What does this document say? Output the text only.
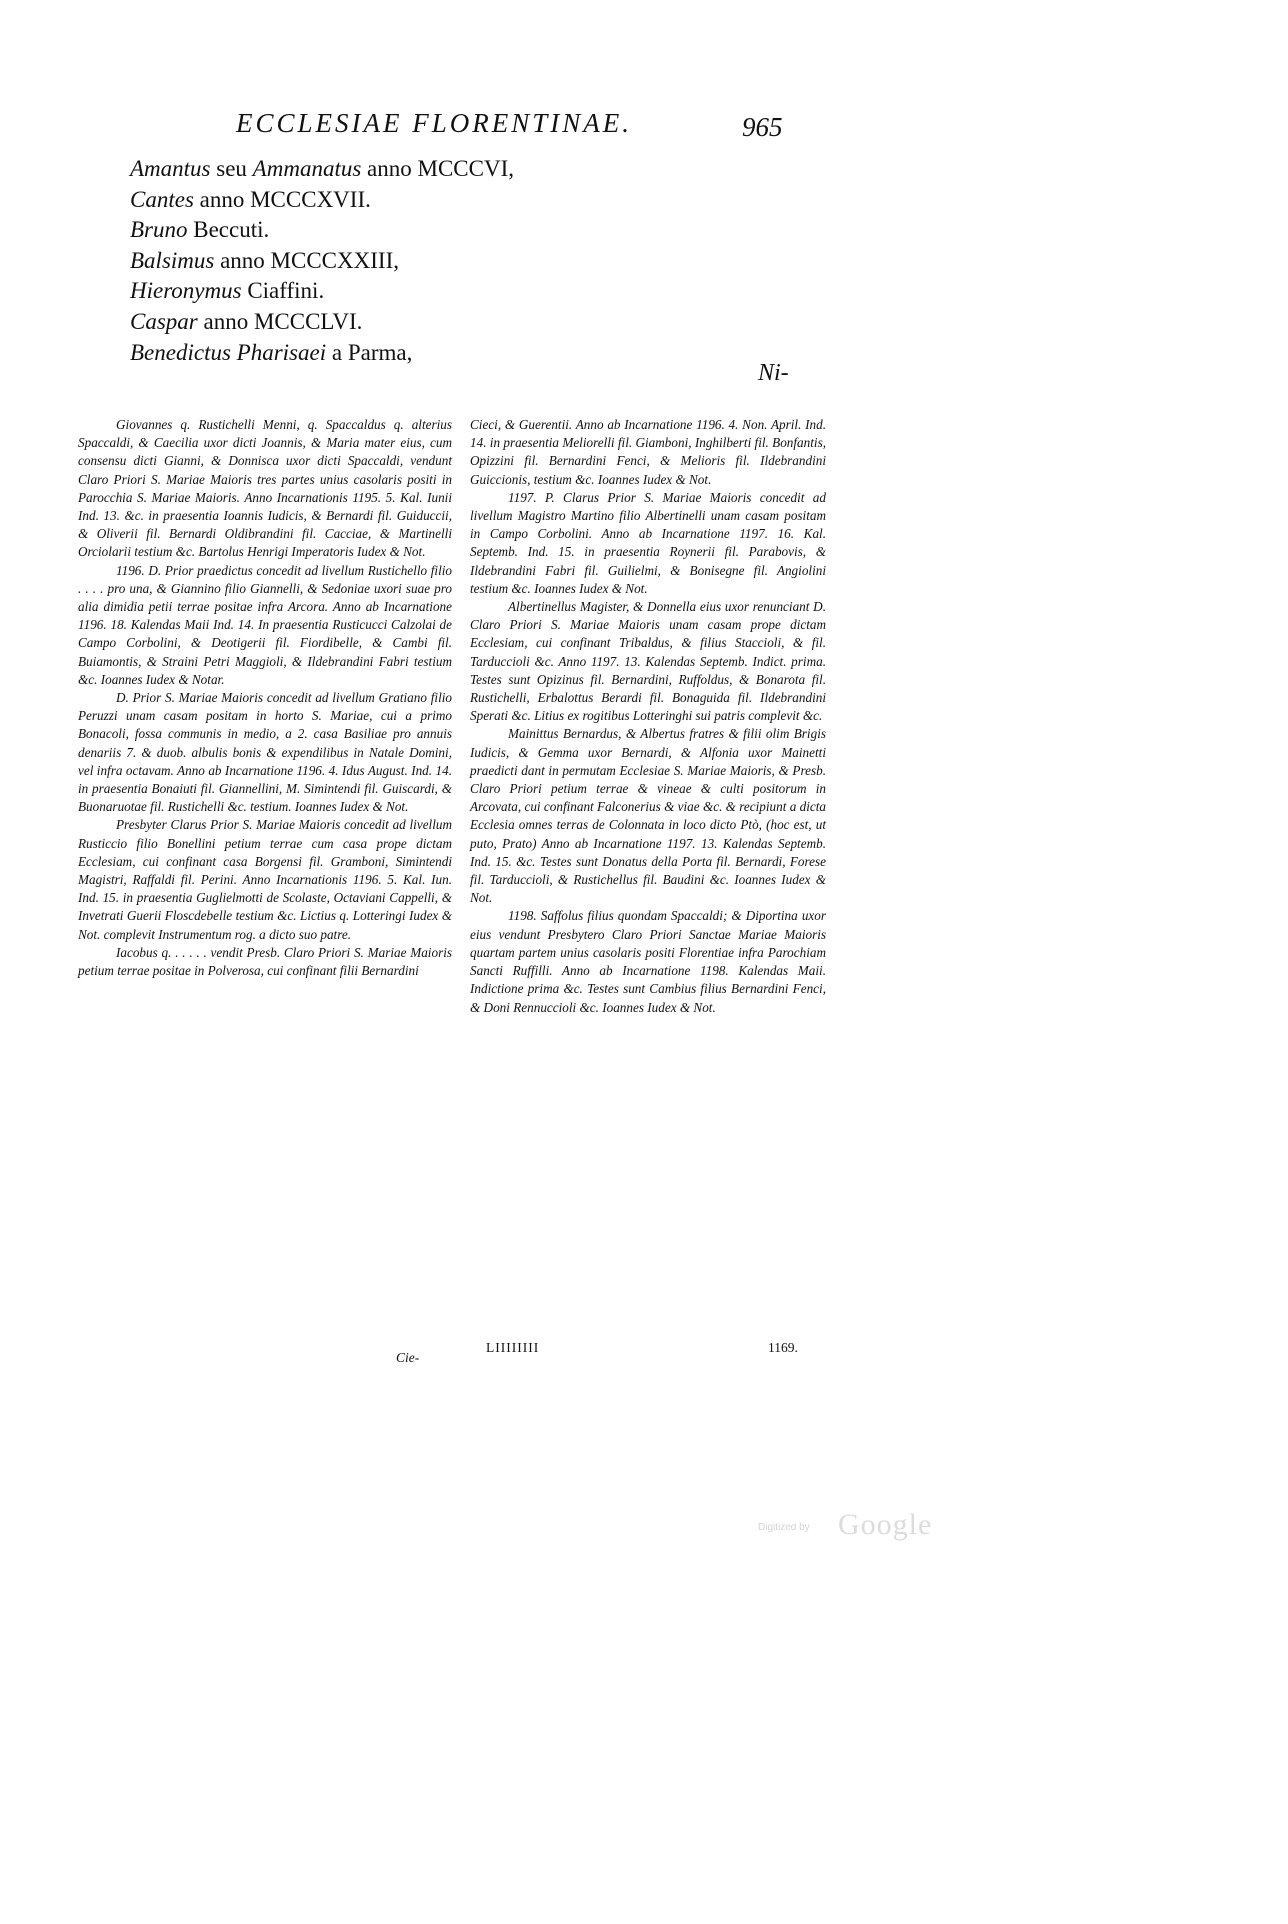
ECCLESIAE FLORENTINAE.	965
Amantus seu Ammanatus anno MCCCVI,
Cantes anno MCCCXVII.
Bruno Beccuti.
Balsimus anno MCCCXXIII,
Hieronymus Ciaffini.
Caspar anno MCCCLVI.
Benedictus Pharisaei a Parma,
Ni-

Giovannes q. Rustichelli Menni, q. Spaccaldus q. alterius Spaccaldi, & Caecilia uxor dicti Joannis, & Maria mater eius, cum consensu dicti Gianni, & Donnisca uxor dicti Spaccaldi, vendunt Claro Priori S. Mariae Maioris tres partes unius casolaris positi in Parocchia S. Mariae Maioris. Anno Incarnationis 1195. 5. Kal. Iunii Ind. 13. &c. in praesentia Ioannis Iudicis, & Bernardi fil. Guiduccii, & Oliverii fil. Bernardi Oldibrandini fil. Cacciae, & Martinelli Orciolarii testium &c. Bartolus Henrigi Imperatoris Iudex & Not.

1196. D. Prior praedictus concedit ad livellum Rustichello filio . . . . pro una, & Giannino filio Giannelli, & Sedoniae uxori suae pro alia dimidia petii terrae positae infra Arcora. Anno ab Incarnatione 1196. 18. Kalendas Maii Ind. 14. In praesentia Rusticucci Calzolai de Campo Corbolini, & Deotigerii fil. Fiordibelle, & Cambi fil. Buiamontis, & Straini Petri Maggioli, & Ildebrandini Fabri testium &c. Ioannes Iudex & Notar.

D. Prior S. Mariae Maioris concedit ad livellum Gratiano filio Peruzzi unam casam positam in horto S. Mariae, cui a primo Bonacoli, fossa communis in medio, a 2. casa Basiliae pro annuis denariis 7. & duob. albulis bonis & expendilibus in Natale Domini, vel infra octavam. Anno ab Incarnatione 1196. 4. Idus August. Ind. 14. in praesentia Bonaiuti fil. Giannellini, M. Simintendi fil. Guiscardi, & Buonaruotae fil. Rustichelli &c. testium. Ioannes Iudex & Not.

Presbyter Clarus Prior S. Mariae Maioris concedit ad livellum Rusticcio filio Bonellini petium terrae cum casa prope dictam Ecclesiam, cui confinant casa Borgensi fil. Gramboni, Simintendi Magistri, Raffaldi fil. Perini. Anno Incarnationis 1196. 5. Kal. Iun. Ind. 15. in praesentia Guglielmotti de Scolaste, Octaviani Cappelli, & Invetrati Guerii Floscdebelle testium &c. Lictius q. Lotteringi Iudex & Not. complevit Instrumentum rog. a dicto suo patre.

Iacobus q. . . . . . vendit Presb. Claro Priori S. Mariae Maioris petium terrae positae in Polverosa, cui confinant filii Bernardini

Cie-

Cieci, & Guerentii. Anno ab Incarnatione 1196. 4. Non. April. Ind. 14. in praesentia Meliorelli fil. Giamboni, Inghilberti fil. Bonfantis, Opizzini fil. Bernardini Fenci, & Melioris fil. Ildebrandini Guiccionis, testium &c. Ioannes Iudex & Not.

1197. P. Clarus Prior S. Mariae Maioris concedit ad livellum Magistro Martino filio Albertinelli unam casam positam in Campo Corbolini. Anno ab Incarnatione 1197. 16. Kal. Septemb. Ind. 15. in praesentia Roynerii fil. Parabovis, & Ildebrandini Fabri fil. Guilielmi, & Bonisegne fil. Angiolini testium &c. Ioannes Iudex & Not.

Albertinellus Magister, & Donnella eius uxor renunciant D. Claro Priori S. Mariae Maioris unam casam prope dictam Ecclesiam, cui confinant Tribaldus, & filius Staccioli, & fil. Tarduccioli &c. Anno 1197. 13. Kalendas Septemb. Indict. prima. Testes sunt Opizinus fil. Bernardini, Ruffoldus, & Bonarota fil. Rustichelli, Erbalottus Berardi fil. Bonaguida fil. Ildebrandini Sperati &c. Litius ex rogitibus Lotteringhi sui patris complevit &c.

Mainittus Bernardus, & Albertus fratres & filii olim Brigis Iudicis, & Gemma uxor Bernardi, & Alfonia uxor Mainetti praedicti dant in permutam Ecclesiae S. Mariae Maioris, & Presb. Claro Priori petium terrae & vineae & culti positorum in Arcovata, cui confinant Falconerius & viae &c. & recipiunt a dicta Ecclesia omnes terras de Colonnata in loco dicto Ptò, (hoc est, ut puto, Prato) Anno ab Incarnatione 1197. 13. Kalendas Septemb. Ind. 15. &c. Testes sunt Donatus della Porta fil. Bernardi, Forese fil. Tarduccioli, & Rustichellus fil. Baudini &c. Ioannes Iudex & Not.

1198. Saffolus filius quondam Spaccaldi; & Diportina uxor eius vendunt Presbytero Claro Priori Sanctae Mariae Maioris quartam partem unius casolaris positi Florentiae infra Parochiam Sancti Ruffilli. Anno ab Incarnatione 1198. Kalendas Maii. Indictione prima &c. Testes sunt Cambius filius Bernardini Fenci, & Doni Rennuccioli &c. Ioannes Iudex & Not.

LIIIIIIII	1169.
Digitized by Google
